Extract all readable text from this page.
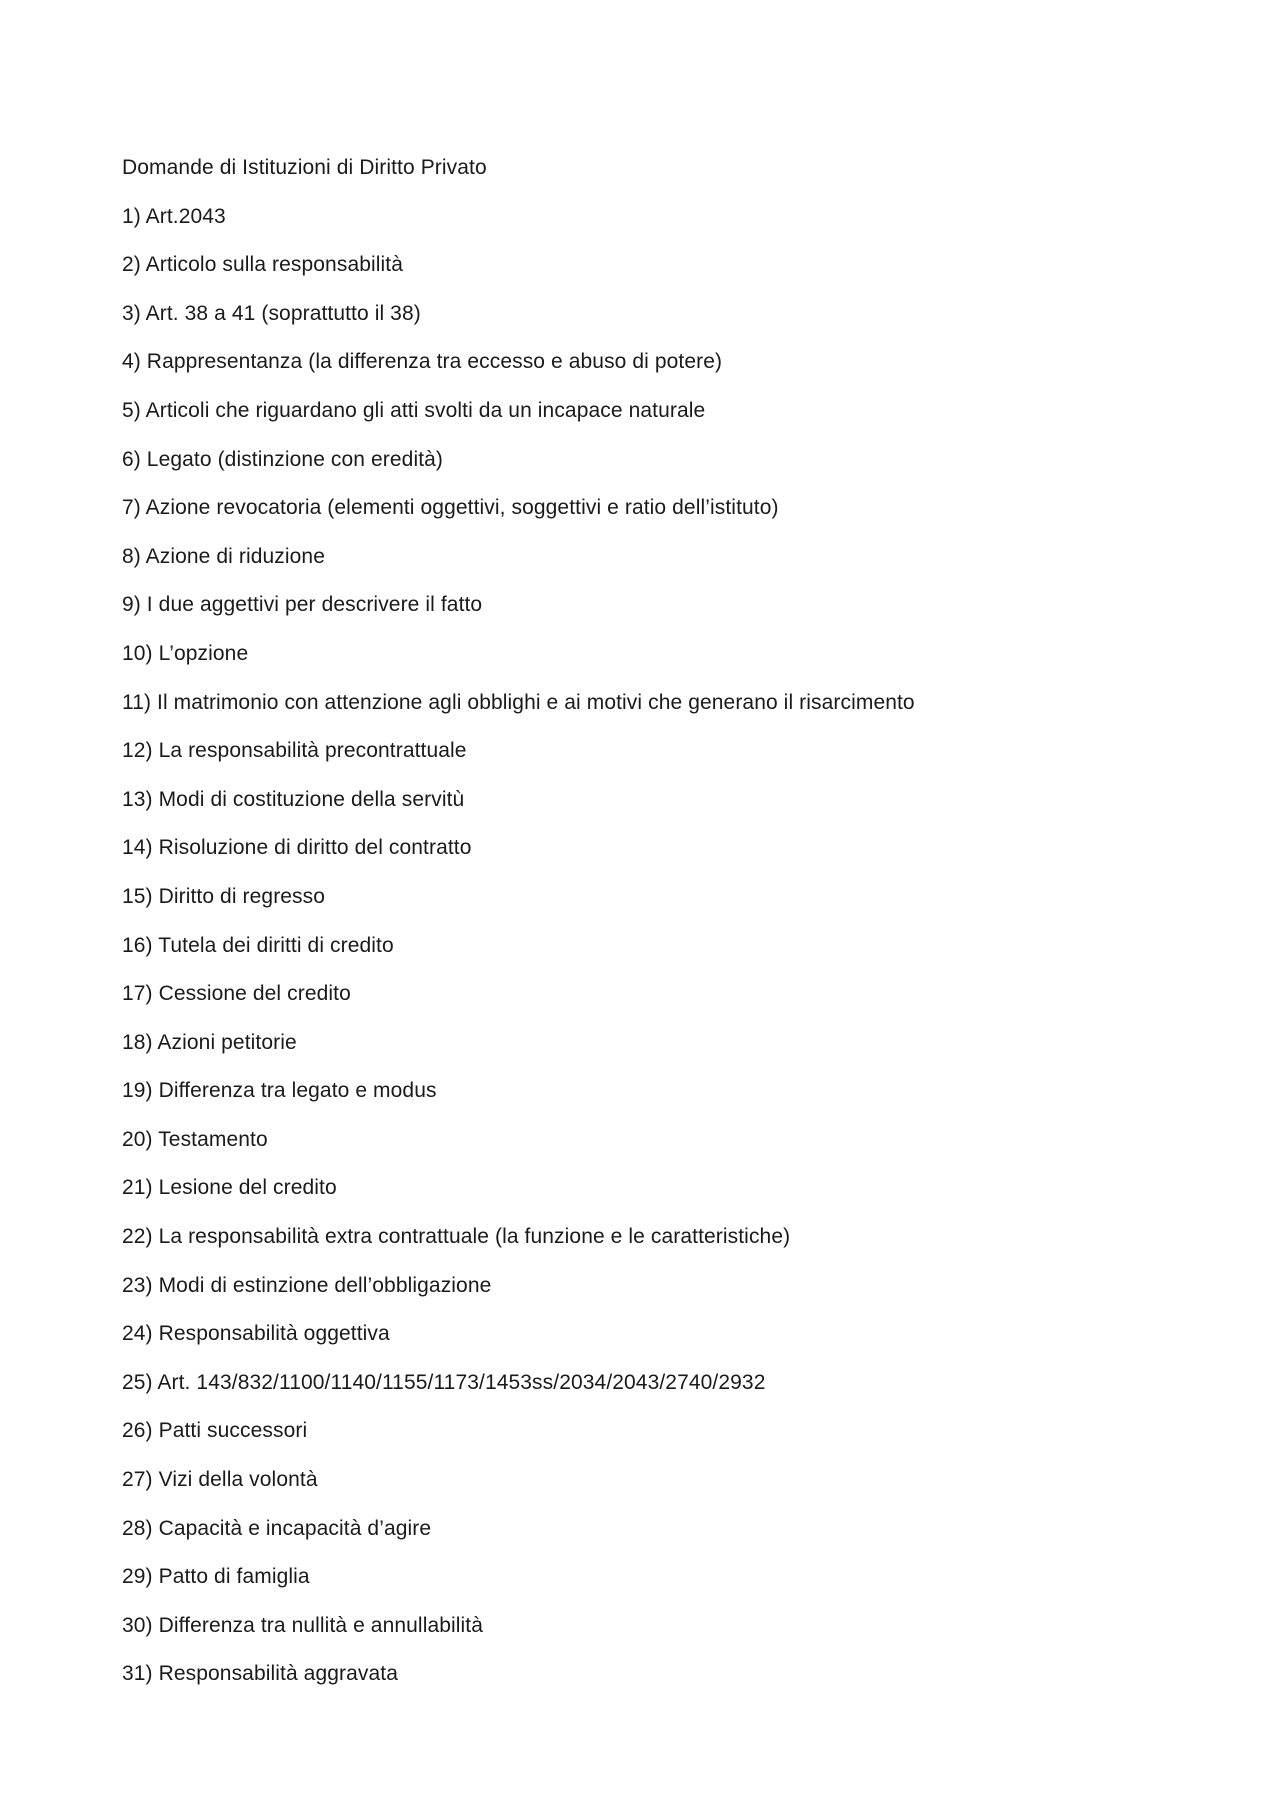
Domande di Istituzioni di Diritto Privato
1) Art.2043
2) Articolo sulla responsabilità
3) Art. 38 a 41 (soprattutto il 38)
4) Rappresentanza (la differenza tra eccesso e abuso di potere)
5) Articoli che riguardano gli atti svolti da un incapace naturale
6) Legato (distinzione con eredità)
7) Azione revocatoria (elementi oggettivi, soggettivi e ratio dell’istituto)
8) Azione di riduzione
9) I due aggettivi per descrivere il fatto
10) L’opzione
11) Il matrimonio con attenzione agli obblighi e ai motivi che generano il risarcimento
12) La responsabilità precontrattuale
13) Modi di costituzione della servitù
14) Risoluzione di diritto del contratto
15) Diritto di regresso
16) Tutela dei diritti di credito
17) Cessione del credito
18) Azioni petitorie
19) Differenza tra legato e modus
20) Testamento
21) Lesione del credito
22) La responsabilità extra contrattuale (la funzione e le caratteristiche)
23) Modi di estinzione dell’obbligazione
24) Responsabilità oggettiva
25) Art. 143/832/1100/1140/1155/1173/1453ss/2034/2043/2740/2932
26) Patti successori
27) Vizi della volontà
28) Capacità e incapacità d’agire
29) Patto di famiglia
30) Differenza tra nullità e annullabilità
31) Responsabilità aggravata
